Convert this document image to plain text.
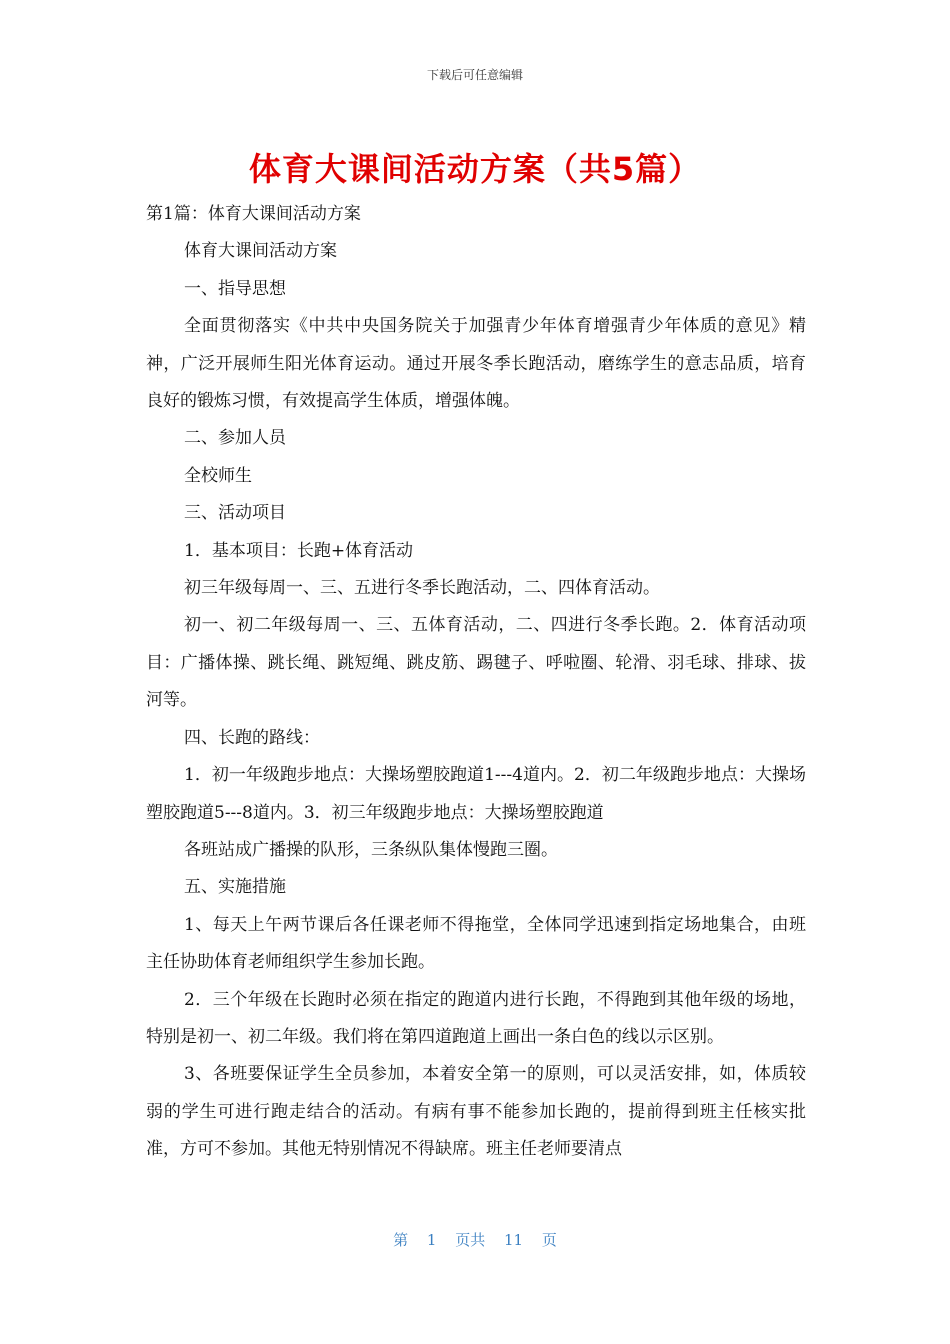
下载后可任意编辑
体育大课间活动方案（共5篇）

第1篇：体育大课间活动方案

体育大课间活动方案

一、指导思想

全面贯彻落实《中共中央国务院关于加强青少年体育增强青少年体质的意见》精神，广泛开展师生阳光体育运动。通过开展冬季长跑活动，磨练学生的意志品质，培育良好的锻炼习惯，有效提高学生体质，增强体魄。

二、参加人员

全校师生

三、活动项目

1．基本项目：长跑+体育活动

初三年级每周一、三、五进行冬季长跑活动，二、四体育活动。

初一、初二年级每周一、三、五体育活动，二、四进行冬季长跑。2．体育活动项目：广播体操、跳长绳、跳短绳、跳皮筋、踢毽子、呼啦圈、轮滑、羽毛球、排球、拔河等。

四、长跑的路线：

1．初一年级跑步地点：大操场塑胶跑道1---4道内。2．初二年级跑步地点：大操场塑胶跑道5---8道内。3．初三年级跑步地点：大操场塑胶跑道

各班站成广播操的队形，三条纵队集体慢跑三圈。

五、实施措施

1、每天上午两节课后各任课老师不得拖堂，全体同学迅速到指定场地集合，由班主任协助体育老师组织学生参加长跑。

2．三个年级在长跑时必须在指定的跑道内进行长跑，不得跑到其他年级的场地，特别是初一、初二年级。我们将在第四道跑道上画出一条白色的线以示区别。

3、各班要保证学生全员参加，本着安全第一的原则，可以灵活安排，如，体质较弱的学生可进行跑走结合的活动。有病有事不能参加长跑的，提前得到班主任核实批准，方可不参加。其他无特别情况不得缺席。班主任老师要清点

第 1 页共 11 页
